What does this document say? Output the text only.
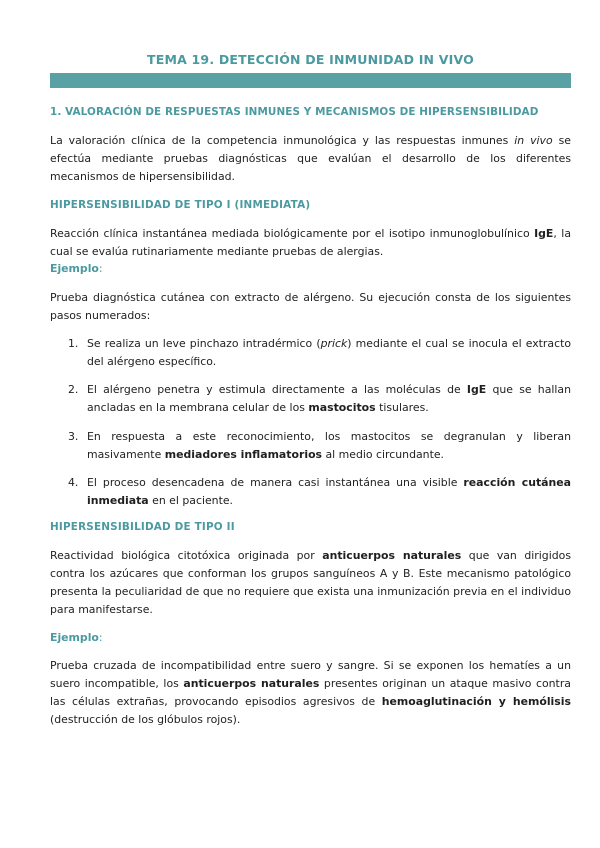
TEMA 19. DETECCIÓN DE INMUNIDAD IN VIVO
1. VALORACIÓN DE RESPUESTAS INMUNES Y MECANISMOS DE HIPERSENSIBILIDAD

La valoración clínica de la competencia inmunológica y las respuestas inmunes in vivo se efectúa mediante pruebas diagnósticas que evalúan el desarrollo de los diferentes mecanismos de hipersensibilidad.

HIPERSENSIBILIDAD DE TIPO I (INMEDIATA)

Reacción clínica instantánea mediada biológicamente por el isotipo inmunoglobulínico IgE, la cual se evalúa rutinariamente mediante pruebas de alergias.

Ejemplo:

Prueba diagnóstica cutánea con extracto de alérgeno. Su ejecución consta de los siguientes pasos numerados:

1. Se realiza un leve pinchazo intradérmico (prick) mediante el cual se inocula el extracto del alérgeno específico.
2. El alérgeno penetra y estimula directamente a las moléculas de IgE que se hallan ancladas en la membrana celular de los mastocitos tisulares.
3. En respuesta a este reconocimiento, los mastocitos se degranulan y liberan masivamente mediadores inflamatorios al medio circundante.
4. El proceso desencadena de manera casi instantánea una visible reacción cutánea inmediata en el paciente.
HIPERSENSIBILIDAD DE TIPO II

Reactividad biológica citotóxica originada por anticuerpos naturales que van dirigidos contra los azúcares que conforman los grupos sanguíneos A y B. Este mecanismo patológico presenta la peculiaridad de que no requiere que exista una inmunización previa en el individuo para manifestarse.

Ejemplo:

Prueba cruzada de incompatibilidad entre suero y sangre. Si se exponen los hematíes a un suero incompatible, los anticuerpos naturales presentes originan un ataque masivo contra las células extrañas, provocando episodios agresivos de hemoaglutinación y hemólisis (destrucción de los glóbulos rojos).
